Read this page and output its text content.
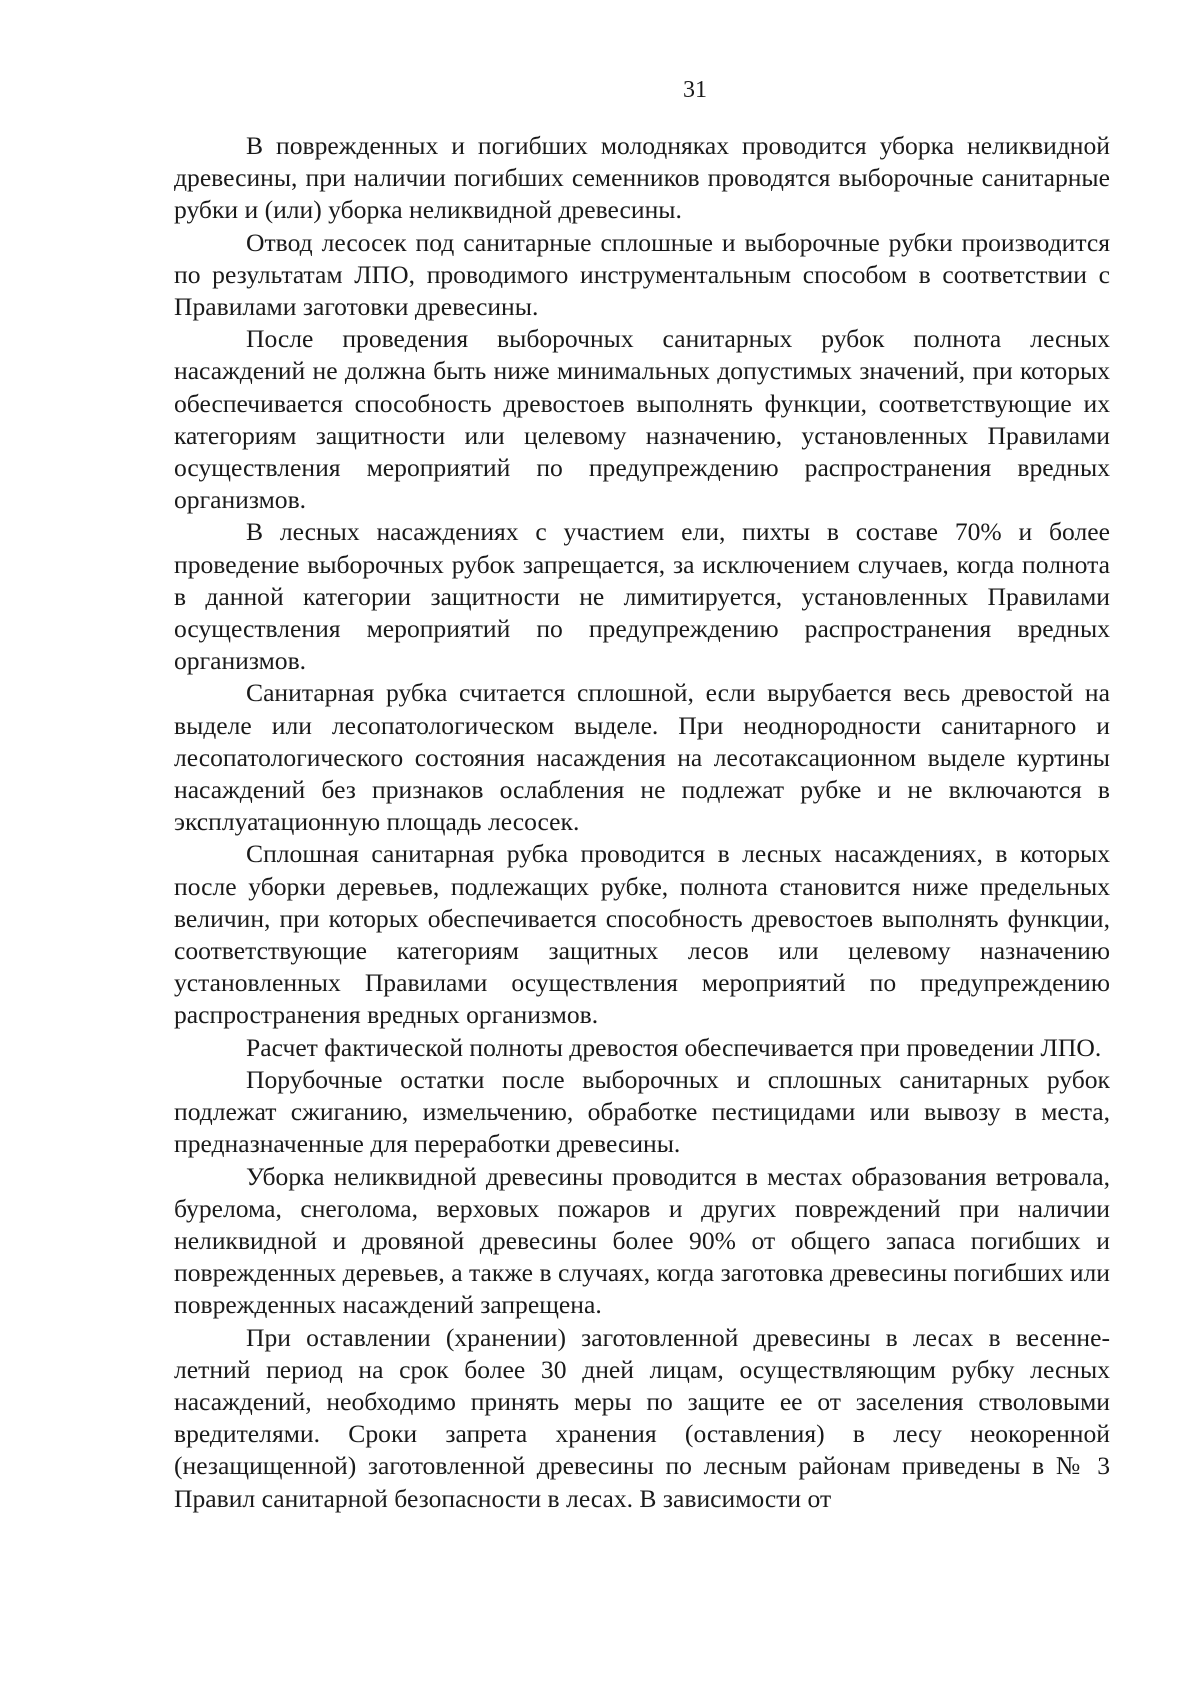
31

В поврежденных и погибших молодняках проводится уборка неликвидной древесины, при наличии погибших семенников проводятся выборочные санитарные рубки и (или) уборка неликвидной древесины.

Отвод лесосек под санитарные сплошные и выборочные рубки производится по результатам ЛПО, проводимого инструментальным способом в соответствии с Правилами заготовки древесины.

После проведения выборочных санитарных рубок полнота лесных насаждений не должна быть ниже минимальных допустимых значений, при которых обеспечивается способность древостоев выполнять функции, соответствующие их категориям защитности или целевому назначению, установленных Правилами осуществления мероприятий по предупреждению распространения вредных организмов.

В лесных насаждениях с участием ели, пихты в составе 70% и более проведение выборочных рубок запрещается, за исключением случаев, когда полнота в данной категории защитности не лимитируется, установленных Правилами осуществления мероприятий по предупреждению распространения вредных организмов.

Санитарная рубка считается сплошной, если вырубается весь древостой на выделе или лесопатологическом выделе. При неоднородности санитарного и лесопатологического состояния насаждения на лесотаксационном выделе куртины насаждений без признаков ослабления не подлежат рубке и не включаются в эксплуатационную площадь лесосек.

Сплошная санитарная рубка проводится в лесных насаждениях, в которых после уборки деревьев, подлежащих рубке, полнота становится ниже предельных величин, при которых обеспечивается способность древостоев выполнять функции, соответствующие категориям защитных лесов или целевому назначению установленных Правилами осуществления мероприятий по предупреждению распространения вредных организмов.

Расчет фактической полноты древостоя обеспечивается при проведении ЛПО.

Порубочные остатки после выборочных и сплошных санитарных рубок подлежат сжиганию, измельчению, обработке пестицидами или вывозу в места, предназначенные для переработки древесины.

Уборка неликвидной древесины проводится в местах образования ветровала, бурелома, снеголома, верховых пожаров и других повреждений при наличии неликвидной и дровяной древесины более 90% от общего запаса погибших и поврежденных деревьев, а также в случаях, когда заготовка древесины погибших или поврежденных насаждений запрещена.

При оставлении (хранении) заготовленной древесины в лесах в весенне-летний период на срок более 30 дней лицам, осуществляющим рубку лесных насаждений, необходимо принять меры по защите ее от заселения стволовыми вредителями. Сроки запрета хранения (оставления) в лесу неокоренной (незащищенной) заготовленной древесины по лесным районам приведены в № 3 Правил санитарной безопасности в лесах. В зависимости от
